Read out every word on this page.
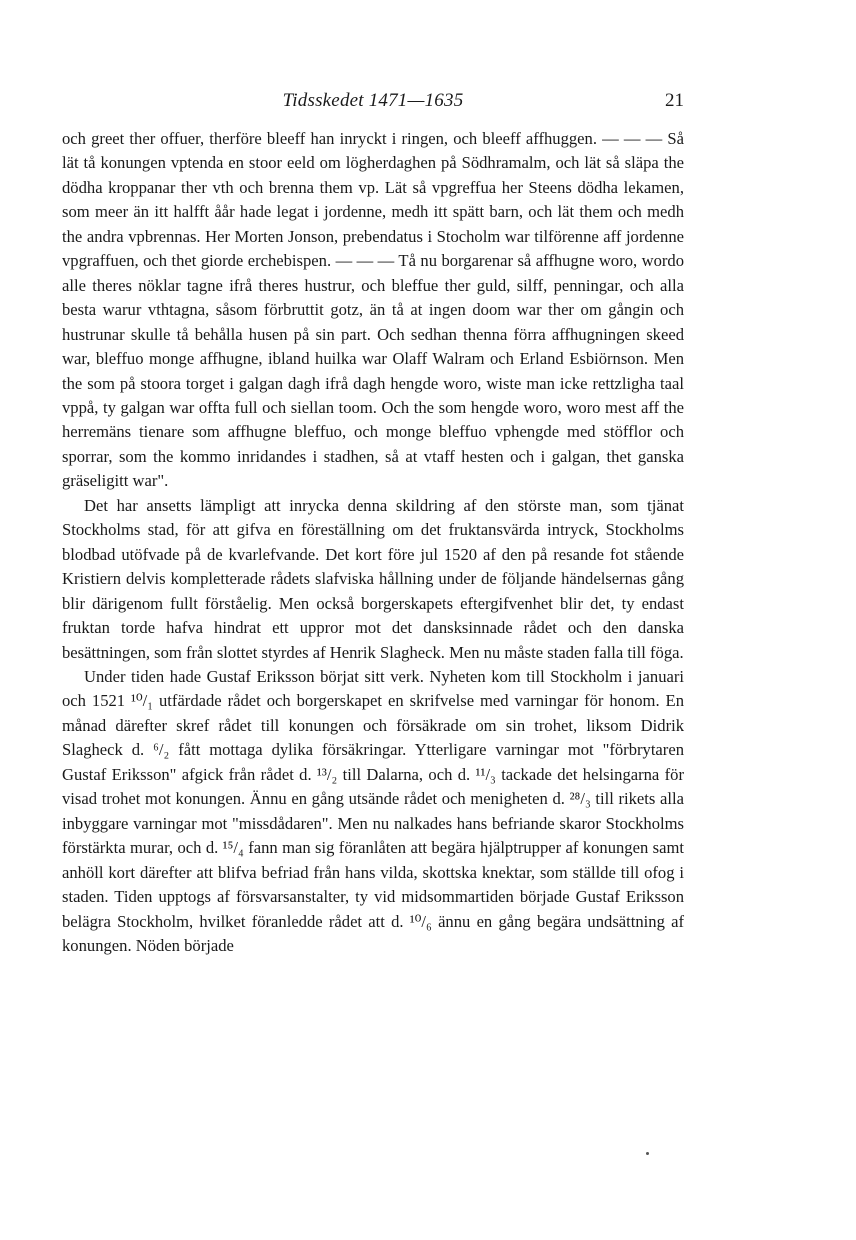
Tidsskedet 1471—1635	21

och greet ther offuer, therföre bleeff han inryckt i ringen, och bleeff affhuggen. — — — Så lät tå konungen vptenda en stoor eeld om lögherdaghen på Södhramalm, och lät så släpa the dödha kroppanar ther vth och brenna them vp. Lät så vpgreffua her Steens dödha lekamen, som meer än itt halfft åår hade legat i jordenne, medh itt spätt barn, och lät them och medh the andra vpbrennas. Her Morten Jonson, prebendatus i Stocholm war tilförenne aff jordenne vpgraffuen, och thet giorde erchebispen. — — — Tå nu borgarenar så affhugne woro, wordo alle theres nöklar tagne ifrå theres hustrur, och bleffue ther guld, silff, penningar, och alla besta warur vthtagna, såsom förbruttit gotz, än tå at ingen doom war ther om gångin och hustrunar skulle tå behålla husen på sin part. Och sedhan thenna förra affhugningen skeed war, bleffuo monge affhugne, ibland huilka war Olaff Walram och Erland Esbiörnson. Men the som på stoora torget i galgan dagh ifrå dagh hengde woro, wiste man icke rettzligha taal vppå, ty galgan war offta full och siellan toom. Och the som hengde woro, woro mest aff the herremäns tienare som affhugne bleffuo, och monge bleffuo vphengde med stöfflor och sporrar, som the kommo inridandes i stadhen, så at vtaff hesten och i galgan, thet ganska gräseligitt war".

Det har ansetts lämpligt att inrycka denna skildring af den störste man, som tjänat Stockholms stad, för att gifva en föreställning om det fruktansvärda intryck, Stockholms blodbad utöfvade på de kvarlefvande. Det kort före jul 1520 af den på resande fot stående Kristiern delvis kompletterade rådets slafviska hållning under de följande händelsernas gång blir därigenom fullt förståelig. Men också borgerskapets eftergifvenhet blir det, ty endast fruktan torde hafva hindrat ett uppror mot det dansksinnade rådet och den danska besättningen, som från slottet styrdes af Henrik Slagheck. Men nu måste staden falla till föga.

Under tiden hade Gustaf Eriksson börjat sitt verk. Nyheten kom till Stockholm i januari och 1521 ¹⁰/₁ utfärdade rådet och borgerskapet en skrifvelse med varningar för honom. En månad därefter skref rådet till konungen och försäkrade om sin trohet, liksom Didrik Slagheck d. ⁶/₂ fått mottaga dylika försäkringar. Ytterligare varningar mot "förbrytaren Gustaf Eriksson" afgick från rådet d. ¹³/₂ till Dalarna, och d. ¹¹/₃ tackade det helsingarna för visad trohet mot konungen. Ännu en gång utsände rådet och menigheten d. ²⁸/₃ till rikets alla inbyggare varningar mot "missdådaren". Men nu nalkades hans befriande skaror Stockholms förstärkta murar, och d. ¹⁵/₄ fann man sig föranlåten att begära hjälptrupper af konungen samt anhöll kort därefter att blifva befriad från hans vilda, skottska knektar, som ställde till ofog i staden. Tiden upptogs af försvarsanstalter, ty vid midsommartiden började Gustaf Eriksson belägra Stockholm, hvilket föranledde rådet att d. ¹⁰/₆ ännu en gång begära undsättning af konungen. Nöden började
